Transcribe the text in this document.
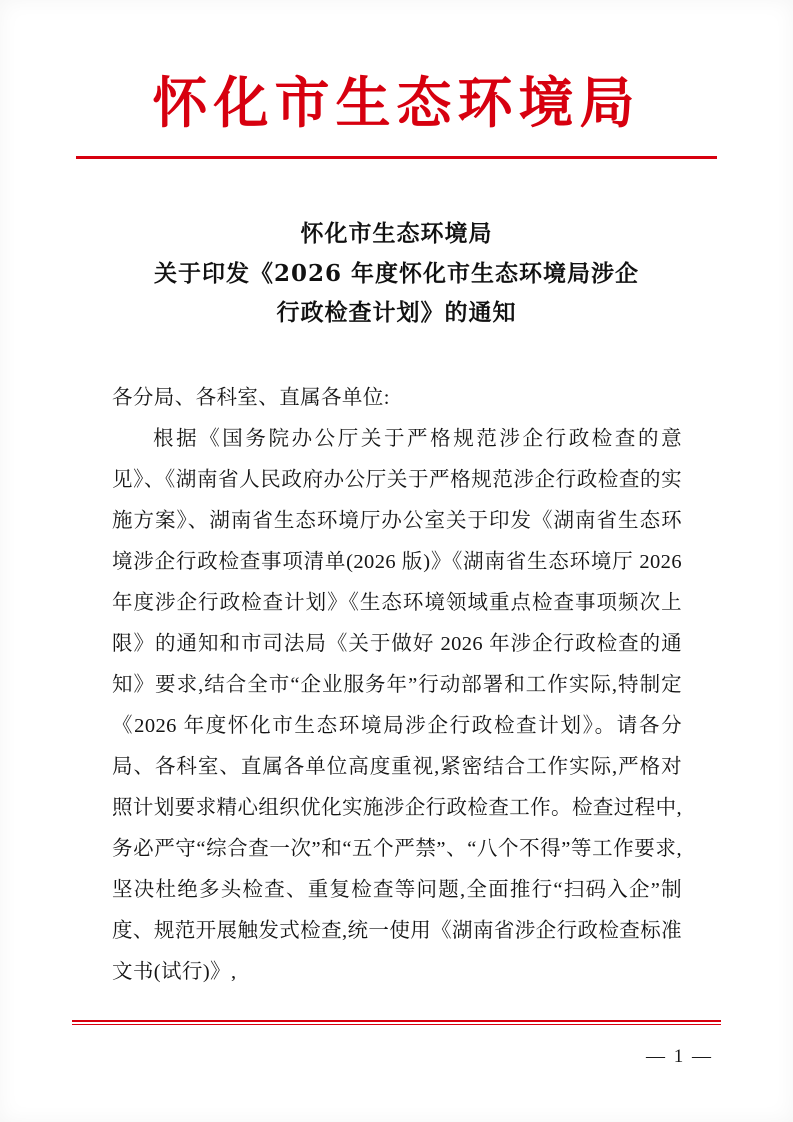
怀化市生态环境局
怀化市生态环境局
关于印发《2026 年度怀化市生态环境局涉企
行政检查计划》的通知

各分局、各科室、直属各单位:

根据《国务院办公厅关于严格规范涉企行政检查的意见》、《湖南省人民政府办公厅关于严格规范涉企行政检查的实施方案》、湖南省生态环境厅办公室关于印发《湖南省生态环境涉企行政检查事项清单(2026 版)》《湖南省生态环境厅 2026 年度涉企行政检查计划》《生态环境领域重点检查事项频次上限》的通知和市司法局《关于做好 2026 年涉企行政检查的通知》要求,结合全市“企业服务年”行动部署和工作实际,特制定《2026 年度怀化市生态环境局涉企行政检查计划》。请各分局、各科室、直属各单位高度重视,紧密结合工作实际,严格对照计划要求精心组织优化实施涉企行政检查工作。检查过程中,务必严守“综合查一次”和“五个严禁”、“八个不得”等工作要求,坚决杜绝多头检查、重复检查等问题,全面推行“扫码入企”制度、规范开展触发式检查,统一使用《湖南省涉企行政检查标准文书(试行)》,

— 1 —
